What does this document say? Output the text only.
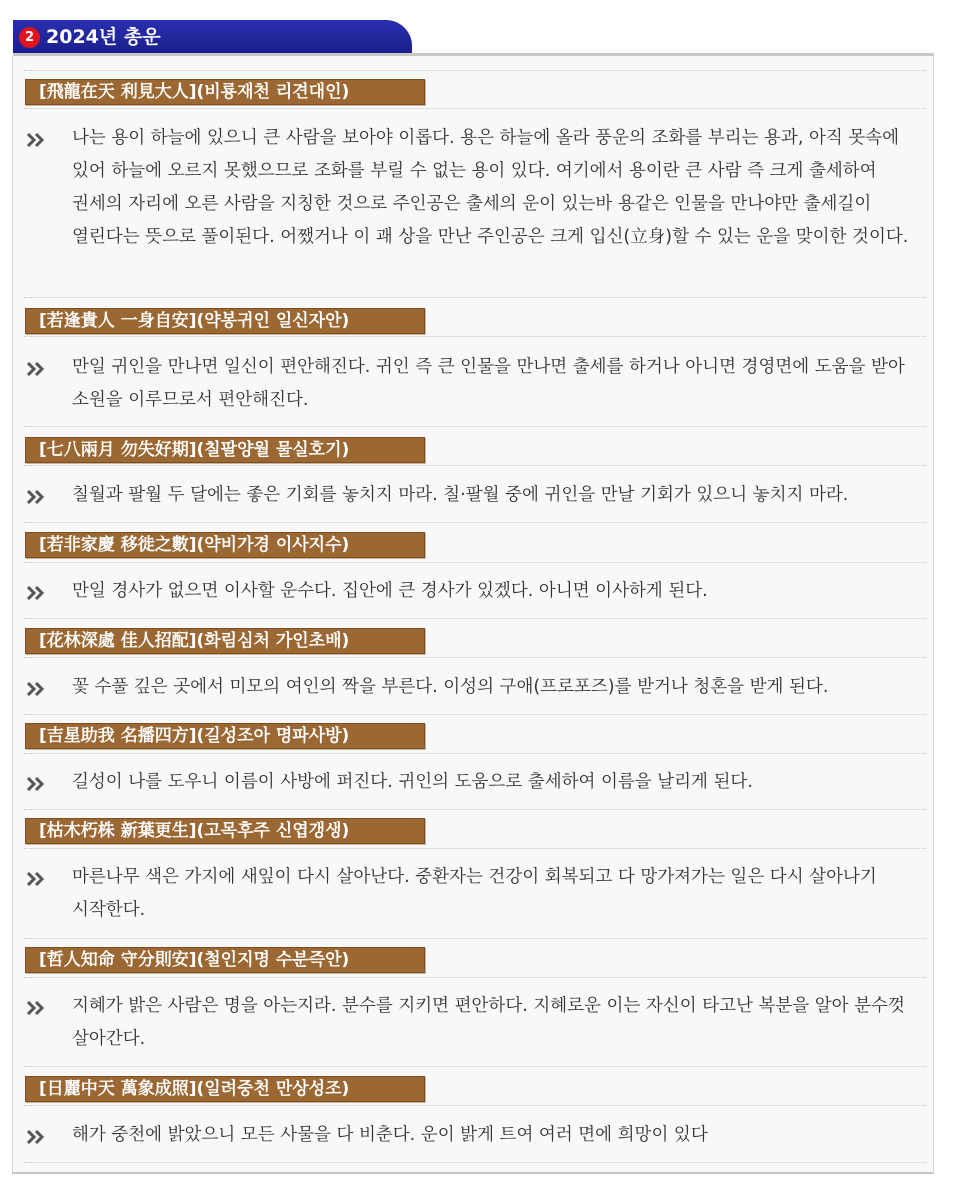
2 2024년 총운
[飛龍在天 利見大人](비룡재천 리견대인)
나는 용이 하늘에 있으니 큰 사람을 보아야 이롭다. 용은 하늘에 올라 풍운의 조화를 부리는 용과, 아직 못속에 있어 하늘에 오르지 못했으므로 조화를 부릴 수 없는 용이 있다. 여기에서 용이란 큰 사람 즉 크게 출세하여 권세의 자리에 오른 사람을 지칭한 것으로 주인공은 출세의 운이 있는바 용같은 인물을 만나야만 출세길이 열린다는 뜻으로 풀이된다. 어쨌거나 이 괘 상을 만난 주인공은 크게 입신(立身)할 수 있는 운을 맞이한 것이다.
[若逢貴人 一身自安](약봉귀인 일신자안)
만일 귀인을 만나면 일신이 편안해진다. 귀인 즉 큰 인물을 만나면 출세를 하거나 아니면 경영면에 도움을 받아 소원을 이루므로서 편안해진다.
[七八兩月 勿失好期](칠팔양월 물실호기)
칠월과 팔월 두 달에는 좋은 기회를 놓치지 마라. 칠·팔월 중에 귀인을 만날 기회가 있으니 놓치지 마라.
[若非家慶 移徙之數](약비가경 이사지수)
만일 경사가 없으면 이사할 운수다. 집안에 큰 경사가 있겠다. 아니면 이사하게 된다.
[花林深處 佳人招配](화림심처 가인초배)
꽃 수풀 깊은 곳에서 미모의 여인의 짝을 부른다. 이성의 구애(프로포즈)를 받거나 청혼을 받게 된다.
[吉星助我 名播四方](길성조아 명파사방)
길성이 나를 도우니 이름이 사방에 퍼진다. 귀인의 도움으로 출세하여 이름을 날리게 된다.
[枯木朽株 新葉更生](고목후주 신엽갱생)
마른나무 색은 가지에 새잎이 다시 살아난다. 중환자는 건강이 회복되고 다 망가져가는 일은 다시 살아나기 시작한다.
[哲人知命 守分則安](철인지명 수분즉안)
지혜가 밝은 사람은 명을 아는지라. 분수를 지키면 편안하다. 지혜로운 이는 자신이 타고난 복분을 알아 분수껏 살아간다.
[日麗中天 萬象成照](일려중천 만상성조)
해가 중천에 밝았으니 모든 사물을 다 비춘다. 운이 밝게 트여 여러 면에 희망이 있다
